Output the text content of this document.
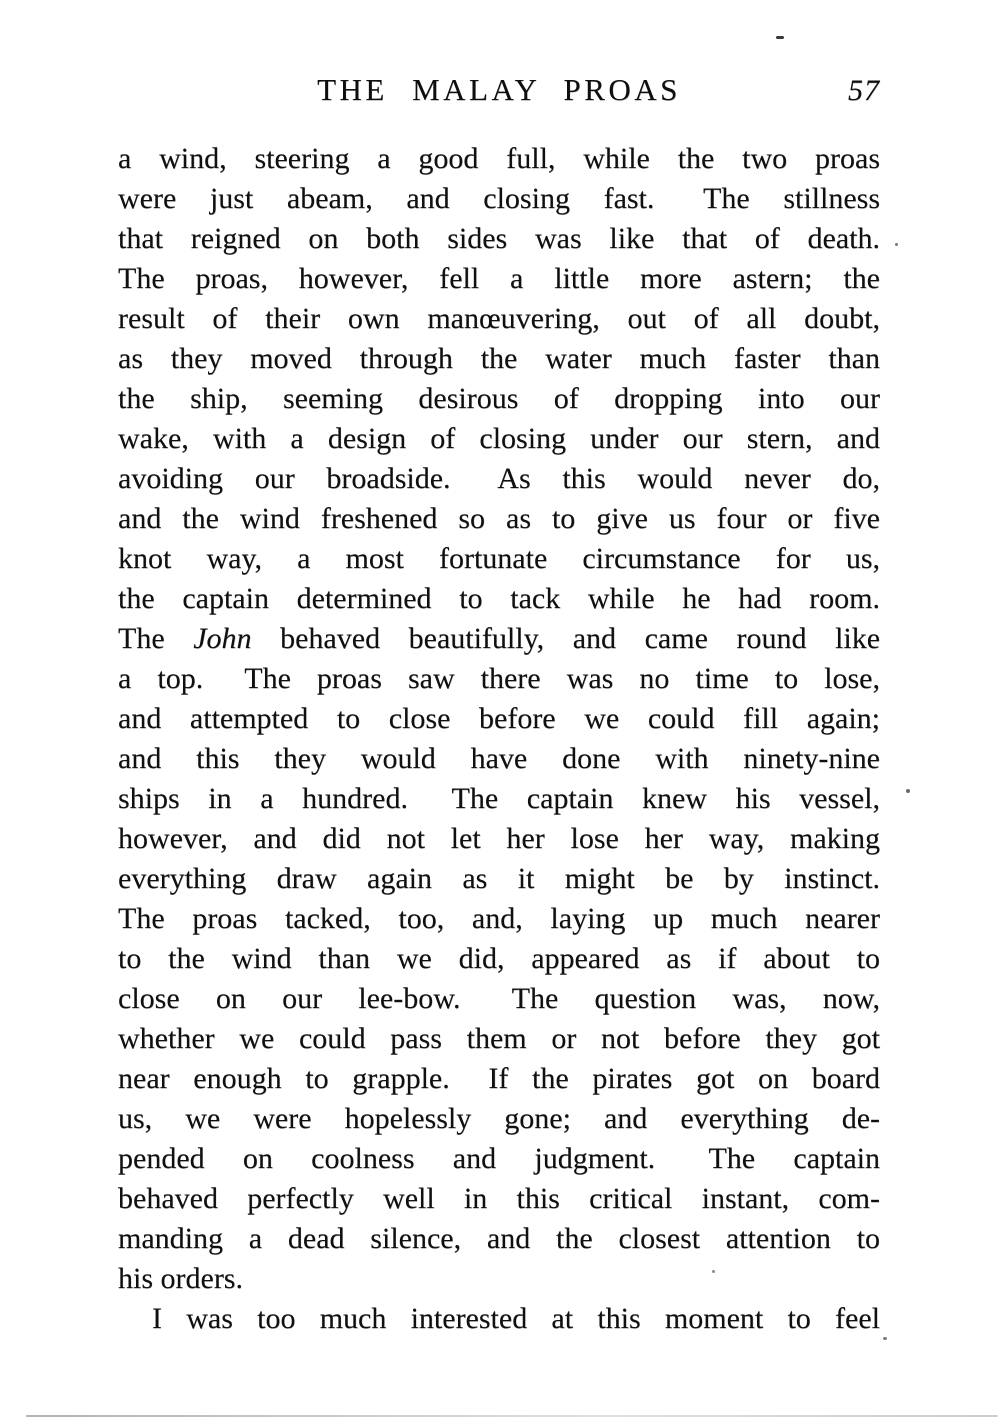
THE MALAY PROAS	57
a wind, steering a good full, while the two proas
were just abeam, and closing fast.  The stillness
that reigned on both sides was like that of death.
The proas, however, fell a little more astern; the
result of their own manœuvering, out of all doubt,
as they moved through the water much faster than
the ship, seeming desirous of dropping into our
wake, with a design of closing under our stern, and
avoiding our broadside.  As this would never do,
and the wind freshened so as to give us four or five
knot way, a most fortunate circumstance for us,
the captain determined to tack while he had room.
The John behaved beautifully, and came round like
a top.  The proas saw there was no time to lose,
and attempted to close before we could fill again;
and this they would have done with ninety-nine
ships in a hundred.  The captain knew his vessel,
however, and did not let her lose her way, making
everything draw again as it might be by instinct.
The proas tacked, too, and, laying up much nearer
to the wind than we did, appeared as if about to
close on our lee-bow.  The question was, now,
whether we could pass them or not before they got
near enough to grapple.  If the pirates got on board
us, we were hopelessly gone; and everything de-
pended on coolness and judgment.  The captain
behaved perfectly well in this critical instant, com-
manding a dead silence, and the closest attention to
his orders.
I was too much interested at this moment to feel
